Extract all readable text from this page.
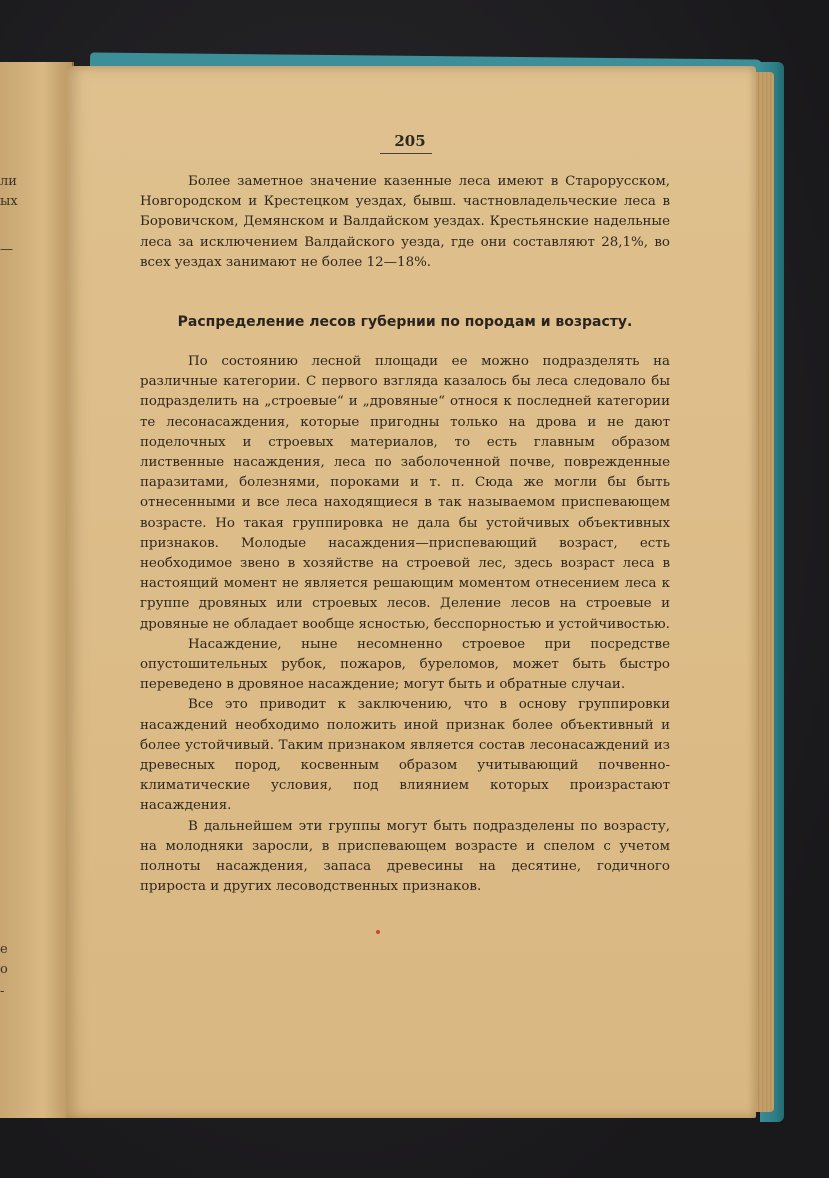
ли
ых
—
е
о
-
205

Более заметное значение казенные леса имеют в Старорусском, Новгородском и Крестецком уездах, бывш. частновладельческие леса в Боровичском, Демянском и Валдайском уездах. Крестьянские надельные леса за исключением Валдайского уезда, где они составляют 28,1%, во всех уездах занимают не более 12—18%.

Распределение лесов губернии по породам и возрасту.

По состоянию лесной площади ее можно подразделять на различные категории. С первого взгляда казалось бы леса следовало бы подразделить на „строевые“ и „дровяные“ относя к последней категории те лесонасаждения, которые пригодны только на дрова и не дают поделочных и строевых материалов, то есть главным образом лиственные насаждения, леса по заболоченной почве, поврежденные паразитами, болезнями, пороками и т. п. Сюда же могли бы быть отнесенными и все леса находящиеся в так называемом приспевающем возрасте. Но такая группировка не дала бы устойчивых объективных признаков. Молодые насаждения—приспевающий возраст, есть необходимое звено в хозяйстве на строевой лес, здесь возраст леса в настоящий момент не является решающим моментом отнесением леса к группе дровяных или строевых лесов. Деление лесов на строевые и дровяные не обладает вообще ясностью, бесспорностью и устойчивостью.

Насаждение, ныне несомненно строевое при посредстве опустошительных рубок, пожаров, буреломов, может быть быстро переведено в дровяное насаждение; могут быть и обратные случаи.

Все это приводит к заключению, что в основу группировки насаждений необходимо положить иной признак более объективный и более устойчивый. Таким признаком является состав лесонасаждений из древесных пород, косвенным образом учитывающий почвенно-климатические условия, под влиянием которых произрастают насаждения.

В дальнейшем эти группы могут быть подразделены по возрасту, на молодняки заросли, в приспевающем возрасте и спелом с учетом полноты насаждения, запаса древесины на десятине, годичного прироста и других лесоводственных признаков.
